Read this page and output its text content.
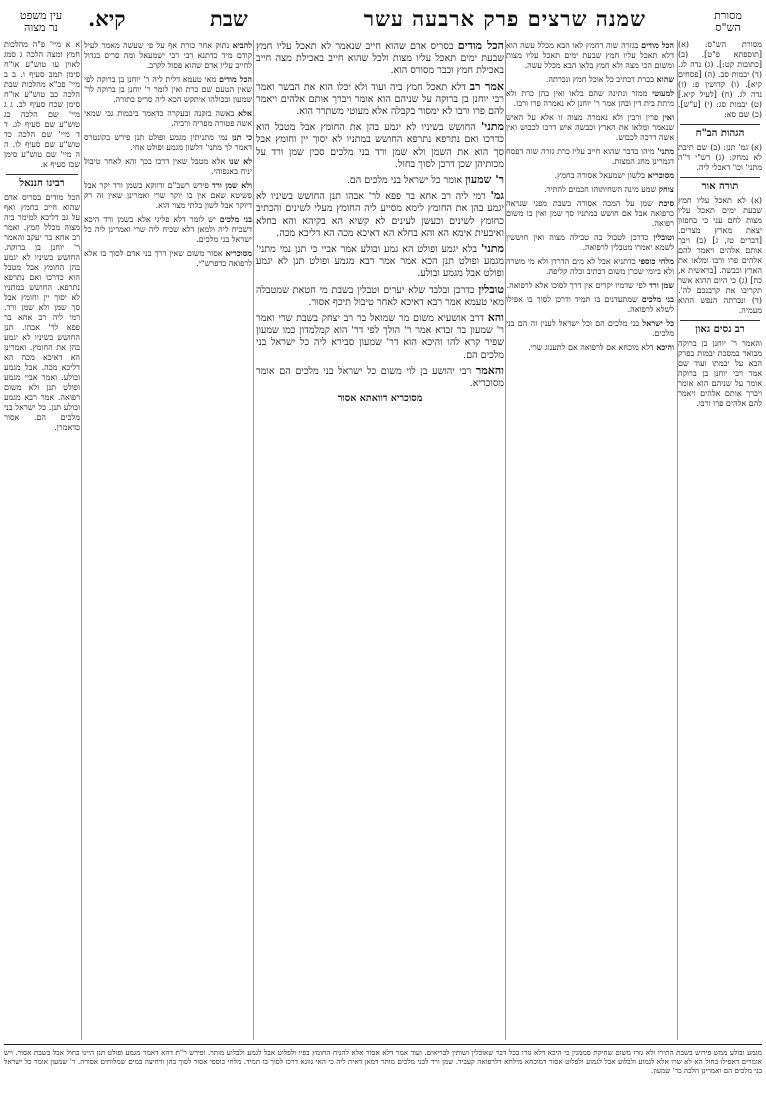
מסורת
הש"ס
שמנה שרצים פרק ארבעה עשר
שבת
קיא.
עין משפט
נר מצוה

מסורת הש"ס: (א) [תוספתא פ"ט]. (ב) [כתובות קט:]. (ג) נדה לג. (ד) יבמות סב. (ה) [פסחים קיא]. (ו) קדושין פ: (ז) נדה לג. (ח) [לעיל קיא.] (ט) יבמות סג: (י) [ע"ש]. (כ) שם סא:

הגהות הב"ח

(א) גמ' תנן: (ב) שם תיבת לא נמחק: (ג) רש"י ד"ה מתני' וכו' דאכלי ליה.

תורה אור

(א) לא תאכל עליו חמץ שבעת ימים תאכל עליו מצות לחם עני כי בחפזון יצאת מארץ מצרים. [דברים טז, ג] (ב) ויבך אותם אלהים ויאמר להם אלהים פרו ורבו ומלאו את הארץ וכבשה. [בראשית א, כח] (ג) כי היום ההוא אשר תקריבו את קרבנכם לה'. (ד) ונכרתה הנפש ההוא מעמיה.

רב נסים גאון

והאמר ר' יוחנן בן ברוקה מבואר במסכת יבמות בפרק הבא על יבמתו ועוד שם אמר רבי יוחנן בן ברוקה אומר על שניהם הוא אומר ויברך אותם אלהים ויאמר להם אלהים פרו ורבו.

הכל מודים בגזרה שוה דחמץ לאו הבא מכלל עשה הוא דלא תאכל עליו חמץ שבעת ימים תאכל עליו מצות ומשום הכי מצה ולא חמץ בלאו הבא מכלל עשה.

שהוא בכרת דכתיב כל אוכל חמץ ונכרתה.

למעוטי ממזר ונתינה שהם בלאו ואין בהן כרת ולא מיתת בית דין ובהן אמר ר' יוחנן לא נאמרה פרו ורבו.

ואין פרין ורבין ולא נאמרה מצוה זו אלא על האיש שנאמר ומלאו את הארץ וכבשה איש דרכו לכבוש ואין אשה דרכה לכבוש.

מתני' מיהו בדבר שהוא חייב עליו כרת גזרה שוה דפסח דגמרינן מחג המצות.

מסוכריא בלשון ישמעאל אסורה בחמץ.

צוחק שמע מינה השחיתוהו חכמים להתיר.

סיכת שמן על המכה אסורה בשבת מפני שנראה כרפואה אבל אם חושש במתניו סך שמן ואין בו משום רפואה.

וטובלין כדרכן לטבול בה טבילה מצוה ואין חוששין לשמא יאמרו מטבלין לרפואה.

מלחי כוספי כדתניא אבל לא מים הדרדן ולא מי משרה ולא ביומי שכרן משום דכתיב וכלה קליפה.

שמן ורד לפי שדמיו יקרים אין דרך לסוכו אלא לרפואה.

בני מלכים שמתעדנים בו תמיד ודרכן לסוך בו אפילו לשלא לרפואה.

כל ישראל בני מלכים הם וכל ישראל לענין זה הם בני מלכים.

והיכא דלא מוכחא אם לרפואה אם לתענוג שרי.

הכל מודים בסריס אדם שהוא חייב שנאמר לא תאכל עליו חמץ שבעת ימים תאכל עליו מצות ולכל שהוא חייב באכילת מצה חייב באכילת חמץ וכבר מסורס הוא.

אמר רב דלא תאכל חמץ ביה ועוד ולא יכלו הוא את הבשר ואמר רבי יוחנן בן ברוקה על שניהם הוא אומר ויברך אותם אלהים ויאמר להם פרו ורבו לא ימסור בקבלה אלא מעוטי משתרר הוא.

מתני' החושש בשיניו לא יגמע בהן את החומץ אבל מטבל הוא כדרכו ואם נתרפא נתרפא החושש במתניו לא יסוך יין וחומץ אבל סך הוא את השמן ולא שמן ורד בני מלכים סכין שמן ורד על מכותיהן שכן דרכן לסוך בחול.

ר' שמעון אומר כל ישראל בני מלכים הם.

גמ' רמי ליה רב אחא בר פפא לר' אבהו תנן החושש בשיניו לא יגמע בהן את החומץ לימא מסייע ליה החומץ מעלי לשינים והכתיב כחומץ לשינים וכעשן לעינים לא קשיא הא בקיהא והא בחלא ואיבעית אימא הא והא בחלא הא דאיכא מכה הא דליכא מכה.

מתני' בלא יגמע ופולט הא גמע ובולע אמר אביי כי תנן נמי מתני' מגמע ופולט תנן הכא אמר אמר רבא מגמע ופולט תנן לא יגמע ופולט אבל מגמע ובולע.

טובלין כדרכן ובלבד שלא יערים וטבלין בשבת מי חטאת שמטבלה מאי טעמא אמר רבא דאיכא לאחר טיבול תיכף אסור.

והא דרב אושעיא משום מר שמואל בר רב יצחק בשבת שרי ואמר ר' שמעון בר זבדא אמר ר' הולך לפי דר' הוא קמלמדון כמו שמעון שפיר קרא להו והיכא הוא דר' שמעון סבירא ליה כל ישראל בני מלכים הם.

והאמר רבי יהושע בן לוי משום כל ישראל בני מלכים הם אומר מסוכריא.

מסוכריא דוואתא אסור

להביא נתוק אחר כורת אף על פי שעשה מאמר לעיל קודם מיד כדתנא דבי רבי ישמעאל ומה סריס בגדול לחייב עליו אדם שהוא פסול לקרב.

הכל מודים מאי טעמא דלית ליה ר' יוחנן בן ברוקה לפי שאין הטעם שם כרת ואין לומר ר' יוחנן בן ברוקה לר' שמעון ובכולהו איתקש הכא ליה סריס בתורה.

אלא באשה בזקנה ובעקרה כדאמר ביבמות גבי שמאי אשה פטורה מפריה ורביה.

כי תנן נמי מתניתין מגמע ופולט תנן פירש בקונטרס דאמר לך מתני' דלשון מגמע ופולט אחי.

לא שנו אלא מטבל שאין דרכו בכך והא לאחר טיבול יניח באנפוהי.

ולא שמן ורד פירש רשב"ם ודווקא בשמן ורד יקר אבל פשיטא שאם אין בו יוקר שרי ואמרינן שאין זה רק דיוקר אבל לשון בלתי מצוי הוא.

בני מלכים יש לומר דלא פליגי אלא בשמן ורד היכא דשכיח ליה ולמאן דלא שכיח ליה שרי ואמרינן ליה כל ישראל בני מלכים.

מסוכריא אסור משום שאין דרך בני אדם לסוך בו אלא לרפואה כדפרש"י.

א א מיי' פ"ה מהלכות חמץ ומצה הלכה ג סמג לאוין עו טוש"ע או"ח סימן תמב סעיף ו. ב ב מיי' פכ"א מהלכות שבת הלכה כב טוש"ע או"ח סימן שכח סעיף לב. ג ג מיי' שם הלכה כג טוש"ע שם סעיף לג. ד ד מיי' שם הלכה כד טוש"ע שם סעיף לו. ה ה מיי' שם טוש"ע סימן שכז סעיף א.

רבינו חננאל

הכל מודים בסריס אדם שהוא חייב בחמץ ואף על גב דליכא למימר ביה מצוה מכלל חמץ. ואמר רב אחא בר יעקב והאמר ר' יוחנן בן ברוקה. החושש בשיניו לא יגמע בהן החומץ אבל מטבל הוא כדרכו ואם נתרפא נתרפא. החושש במתניו לא יסוך יין וחומץ אבל סך שמן ולא שמן ורד. רמי ליה רב אחא בר פפא לר' אבהו. תנן החושש בשיניו לא יגמע בהן את החומץ. ואמרינן הא דאיכא מכה הא דליכא מכה. אבל מגמע ובולע. ואמר אביי מגמע ופולט תנן ולא משום רפואה. אמר רבא מגמע ובולע תנן. כל ישראל בני מלכים הם. אסור כדאמרן.

מגמע ובולע ממש פירוש בשבת התירו ולא גזרו משום שחיקת סממנין כי היכא דלא גזרו בכל דבר שאוכלין ושותין לבריאים. ועוד אמר דלא אסור אלא להניח החומץ בפיו ולפלוט אבל לגמע ולבלוע מותר. ופירש ר"ת דהא דאמר מגמע ופולט תנן היינו בחול אבל בשבת אסור. ויש אומרים דאפילו בחול הא לא שרו אלא לגמוע ולבלוע אבל לגמוע ולפלוט אסור דמוכחא מילתא דלרפואה קעביד. שמן ורד לבני מלכים מותר דמאן דאית ליה כי האי גוונא דרכו לסוך בו תמיד. מלחי כוספי אסור לסוך בהן ורחיצה במים שמלוחים אסורה. ר' שמעון אומר כל ישראל בני מלכים הם ואמרינן הלכה כר' שמעון.
